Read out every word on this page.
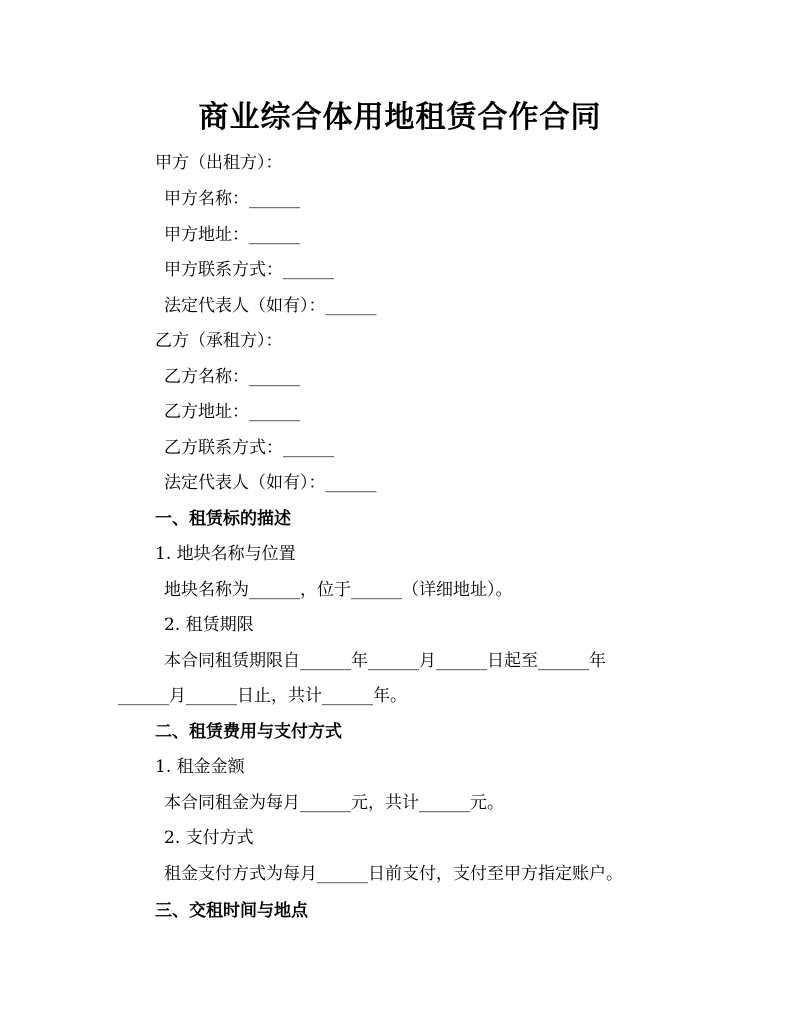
商业综合体用地租赁合作合同
甲方（出租方）：
甲方名称：______
甲方地址：______
甲方联系方式：______
法定代表人（如有）：______
乙方（承租方）：
乙方名称：______
乙方地址：______
乙方联系方式：______
法定代表人（如有）：______
一、租赁标的描述
1. 地块名称与位置
地块名称为______，位于______（详细地址）。
2. 租赁期限
本合同租赁期限自______年______月______日起至______年
______月______日止，共计______年。
二、租赁费用与支付方式
1. 租金金额
本合同租金为每月______元，共计______元。
2. 支付方式
租金支付方式为每月______日前支付，支付至甲方指定账户。
三、交租时间与地点
